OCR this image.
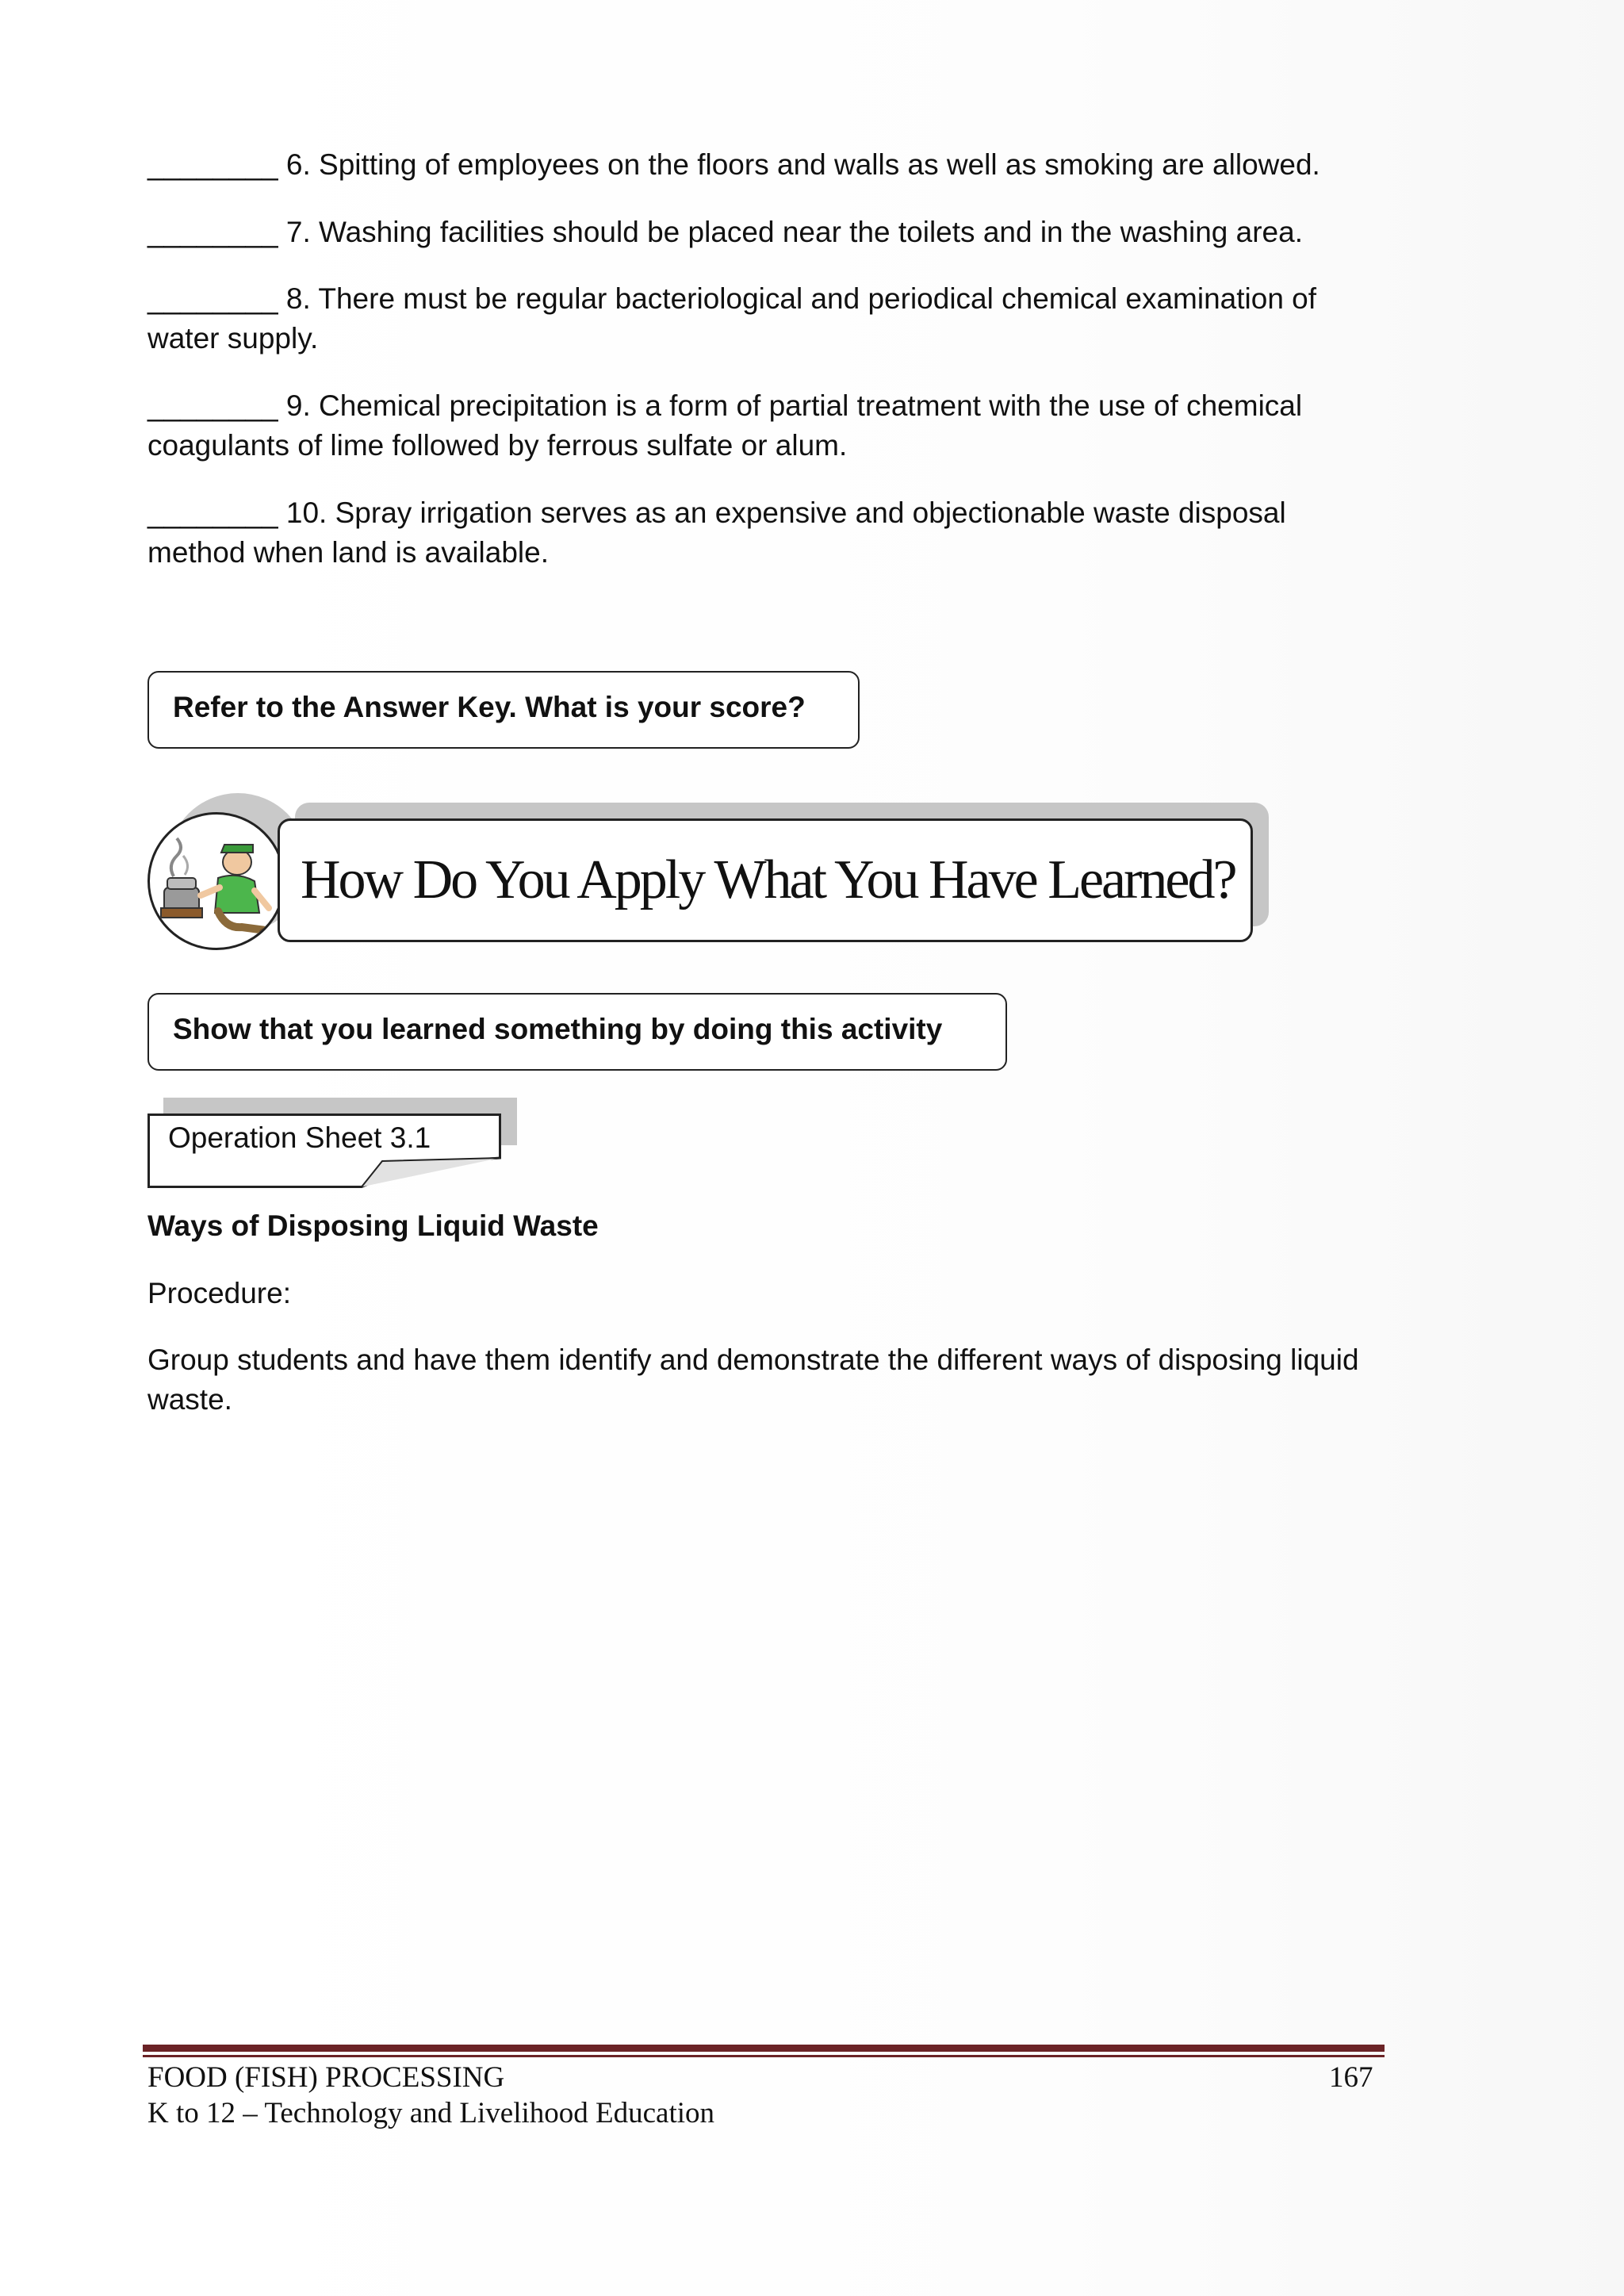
________ 6. Spitting of employees on the floors and walls as well as smoking are allowed.
________ 7. Washing facilities should be placed near the toilets and in the washing area.
________ 8. There must be regular bacteriological and periodical chemical examination of water supply.
________ 9. Chemical precipitation is a form of partial treatment with the use of chemical coagulants of lime followed by ferrous sulfate or alum.
________ 10. Spray irrigation serves as an expensive and objectionable waste disposal method when land is available.
Refer to the Answer Key. What is your score?
How Do You Apply What You Have Learned?
Show that you learned something by doing this activity
Operation Sheet 3.1
Ways of Disposing Liquid Waste
Procedure:
Group students and have them identify and demonstrate the different ways of disposing liquid waste.
FOOD (FISH) PROCESSING	167
K to 12 – Technology and Livelihood Education
